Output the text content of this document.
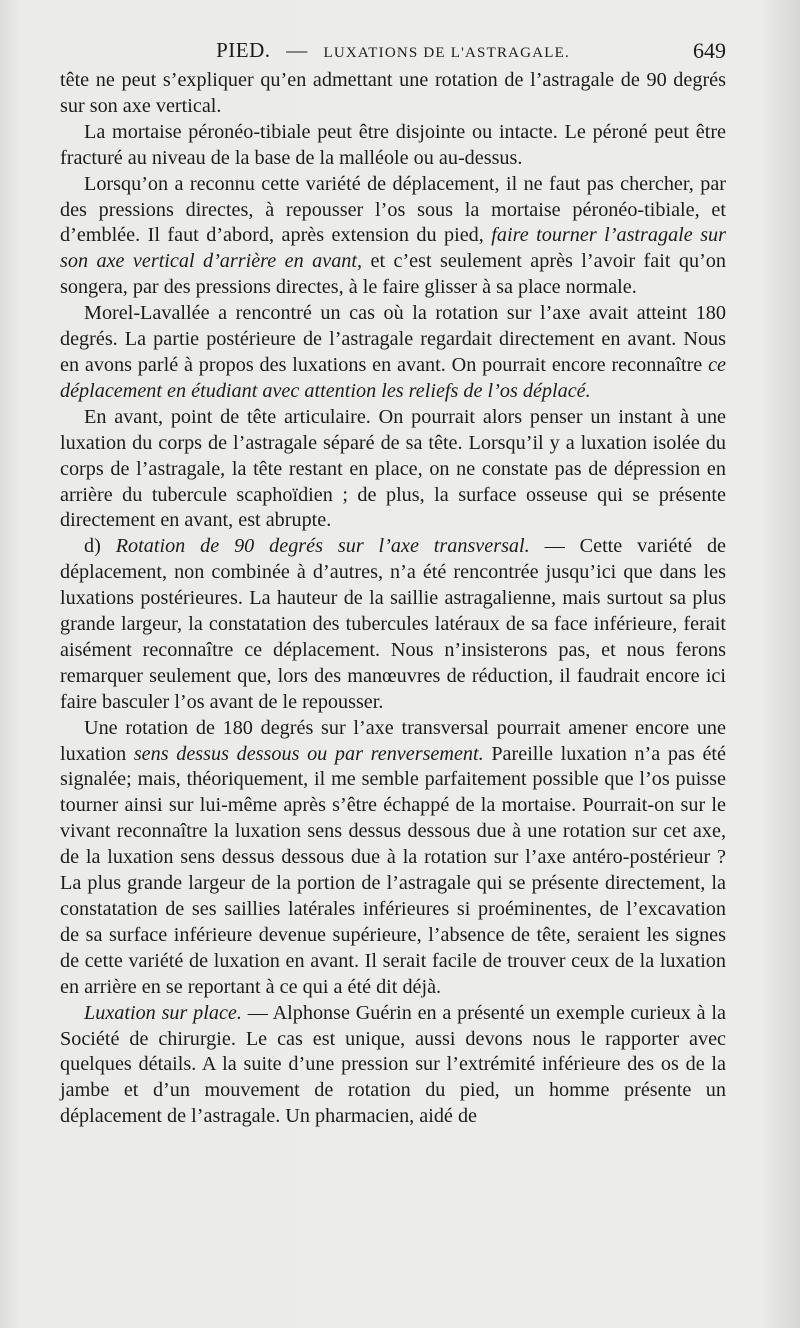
PIED. — LUXATIONS DE L'ASTRAGALE.	649

tête ne peut s’expliquer qu’en admettant une rotation de l’astragale de 90 degrés sur son axe vertical.

La mortaise péronéo-tibiale peut être disjointe ou intacte. Le péroné peut être fracturé au niveau de la base de la malléole ou au-dessus.

Lorsqu’on a reconnu cette variété de déplacement, il ne faut pas chercher, par des pressions directes, à repousser l’os sous la mortaise péronéo-tibiale, et d’emblée. Il faut d’abord, après extension du pied, faire tourner l’astragale sur son axe vertical d’arrière en avant, et c’est seulement après l’avoir fait qu’on songera, par des pressions directes, à le faire glisser à sa place normale.

Morel-Lavallée a rencontré un cas où la rotation sur l’axe avait atteint 180 degrés. La partie postérieure de l’astragale regardait directement en avant. Nous en avons parlé à propos des luxations en avant. On pourrait encore reconnaître ce déplacement en étudiant avec attention les reliefs de l’os déplacé.

En avant, point de tête articulaire. On pourrait alors penser un instant à une luxation du corps de l’astragale séparé de sa tête. Lorsqu’il y a luxation isolée du corps de l’astragale, la tête restant en place, on ne constate pas de dépression en arrière du tubercule scaphoïdien ; de plus, la surface osseuse qui se présente directement en avant, est abrupte.

d) Rotation de 90 degrés sur l’axe transversal. — Cette variété de déplacement, non combinée à d’autres, n’a été rencontrée jusqu’ici que dans les luxations postérieures. La hauteur de la saillie astragalienne, mais surtout sa plus grande largeur, la constatation des tubercules latéraux de sa face inférieure, ferait aisément reconnaître ce déplacement. Nous n’insisterons pas, et nous ferons remarquer seulement que, lors des manœuvres de réduction, il faudrait encore ici faire basculer l’os avant de le repousser.

Une rotation de 180 degrés sur l’axe transversal pourrait amener encore une luxation sens dessus dessous ou par renversement. Pareille luxation n’a pas été signalée; mais, théoriquement, il me semble parfaitement possible que l’os puisse tourner ainsi sur lui-même après s’être échappé de la mortaise. Pourrait-on sur le vivant reconnaître la luxation sens dessus dessous due à une rotation sur cet axe, de la luxation sens dessus dessous due à la rotation sur l’axe antéro-postérieur ? La plus grande largeur de la portion de l’astragale qui se présente directement, la constatation de ses saillies latérales inférieures si proéminentes, de l’excavation de sa surface inférieure devenue supérieure, l’absence de tête, seraient les signes de cette variété de luxation en avant. Il serait facile de trouver ceux de la luxation en arrière en se reportant à ce qui a été dit déjà.

Luxation sur place. — Alphonse Guérin en a présenté un exemple curieux à la Société de chirurgie. Le cas est unique, aussi devons nous le rapporter avec quelques détails. A la suite d’une pression sur l’extrémité inférieure des os de la jambe et d’un mouvement de rotation du pied, un homme présente un déplacement de l’astragale. Un pharmacien, aidé de
